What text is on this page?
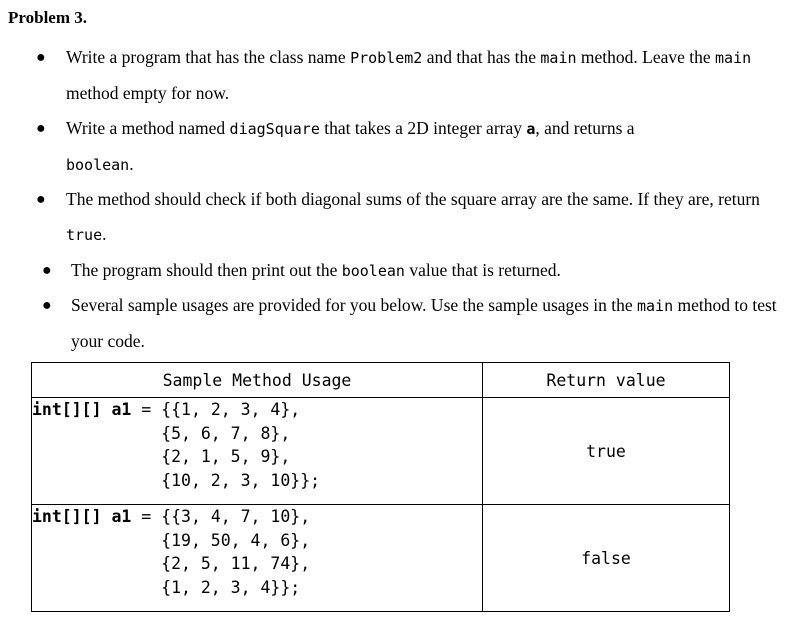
Problem 3.
● Write a program that has the class name Problem2 and that has the main method. Leave the main method empty for now.
● Write a method named diagSquare that takes a 2D integer array a, and returns a
boolean.
● The method should check if both diagonal sums of the square array are the same. If they are, return true.
● The program should then print out the boolean value that is returned.
● Several sample usages are provided for you below. Use the sample usages in the main method to test your code.
Sample Method Usage	Return value
int[][] a1 = {{1, 2, 3, 4},
{5, 6, 7, 8},
{2, 1, 5, 9},
{10, 2, 3, 10}};	true
int[][] a1 = {{3, 4, 7, 10},
{19, 50, 4, 6},
{2, 5, 11, 74},
{1, 2, 3, 4}};	false
